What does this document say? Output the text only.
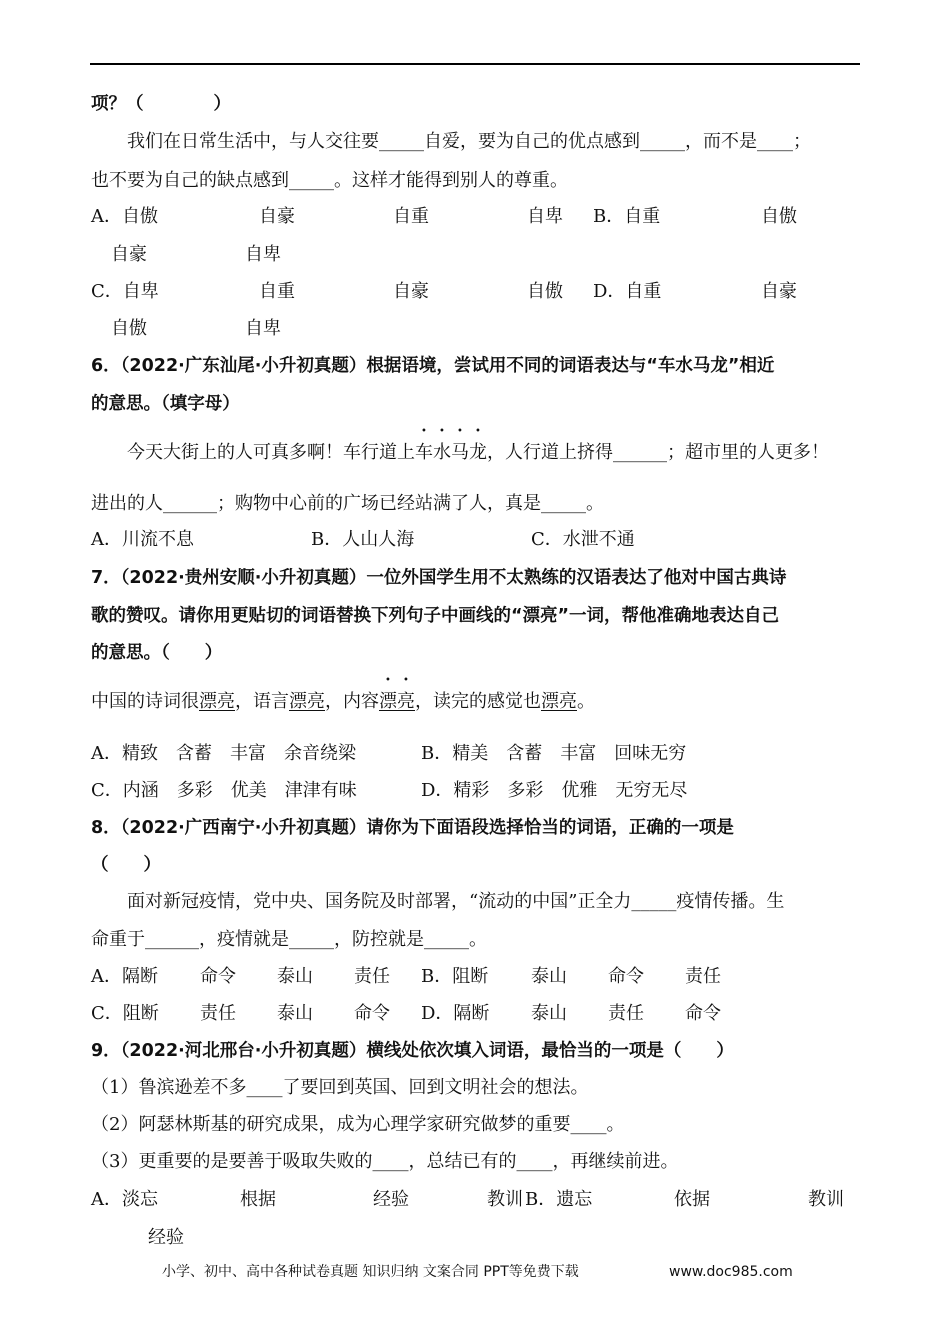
项？（　　　　）
我们在日常生活中，与人交往要_____自爱，要为自己的优点感到_____，而不是____；
也不要为自己的缺点感到_____。这样才能得到别人的尊重。
A．自傲	自豪	自重	自卑 B．自重	自傲
自豪	自卑
C．自卑	自重	自豪	自傲 D．自重	自豪
自傲	自卑
6．（2022·广东汕尾·小升初真题）根据语境，尝试用不同的词语表达与“车水马龙”相近
的意思。（填字母）
今天大街上的人可真多啊！车行道上车水马龙，人行道上挤得______；超市里的人更多！
进出的人______；购物中心前的广场已经站满了人，真是_____。
A．川流不息	B．人山人海	C．水泄不通
7．（2022·贵州安顺·小升初真题）一位外国学生用不太熟练的汉语表达了他对中国古典诗
歌的赞叹。请你用更贴切的词语替换下列句子中画线的“漂亮”一词，帮他准确地表达自己
的意思。（　　）
中国的诗词很漂亮，语言漂亮，内容漂亮，读完的感觉也漂亮。
A．精致　含蓄　丰富　余音绕梁	B．精美　含蓄　丰富　回味无穷
C．内涵　多彩　优美　津津有味	D．精彩　多彩　优雅　无穷无尽
8．（2022·广西南宁·小升初真题）请你为下面语段选择恰当的词语，正确的一项是
（　　）
面对新冠疫情，党中央、国务院及时部署，“流动的中国”正全力_____疫情传播。生
命重于______，疫情就是_____，防控就是_____。
A．隔断 命令 泰山 责任 B．阻断 泰山 命令 责任
C．阻断 责任 泰山 命令 D．隔断 泰山 责任 命令
9．（2022·河北邢台·小升初真题）横线处依次填入词语，最恰当的一项是（　　）
（1）鲁滨逊差不多____了要回到英国、回到文明社会的想法。
（2）阿瑟林斯基的研究成果，成为心理学家研究做梦的重要____。
（3）更重要的是要善于吸取失败的____，总结已有的____，再继续前进。
A．淡忘	根据	经验	教训 B．遗忘	依据	教训
经验
小学、初中、高中各种试卷真题 知识归纳 文案合同 PPT等免费下载	www.doc985.com
